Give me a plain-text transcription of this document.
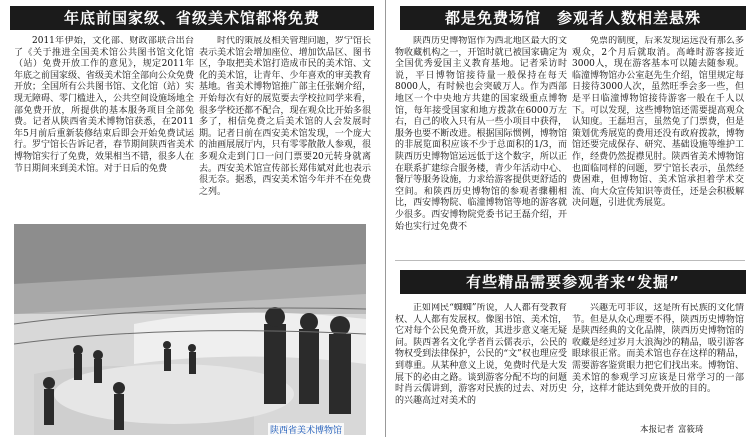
年底前国家级、省级美术馆都将免费

2011年伊始，文化部、财政部联合出台了《关于推进全国美术馆公共图书馆文化馆（站）免费开放工作的意见》，规定2011年年底之前国家级、省级美术馆全部向公众免费开放；全国所有公共图书馆、文化馆（站）实现无障碍、零门槛进入，公共空间设施场地全部免费开放，所提供的基本服务项目全部免费。记者从陕西省美术博物馆获悉，在2011年5月前后重新装修结束后即会开始免费试运行。罗宁馆长告诉记者，春节期间陕西省美术博物馆实行了免费，效果相当不错，很多人在节日期间来到美术馆。对于日后的免费

时代的策展及相关管理问题，罗宁馆长表示美术馆会增加座位、增加饮品区、图书区，争取把美术馆打造成市民的美术馆、文化的美术馆，让青年、少年喜欢的审美教育基地。省美术博物馆推广部主任张娴介绍，开始每次有好的展览要去学校拉同学来看，很多学校还都不配合，现在观众比开始多很多了，相信免费之后美术馆的人会发展时期。记者日前在西安美术馆发现，一个庞大的油画展展厅内，只有零零散散人参观，很多观众走到门口一问门票要20元转身就离去。西安美术馆宣传部长郑伟斌对此也表示很无奈。据悉，西安美术馆今年并不在免费之列。

陕西省美术博物馆
都是免费场馆　参观者人数相差悬殊

陕西历史博物馆作为西北地区最大的文物收藏机构之一，开馆时就已被国家确定为全国优秀爱国主义教育基地。记者采访时说，平日博物馆接待量一般保持在每天8000人，有时候也会突破万人。作为西部地区一个中央地方共建的国家级重点博物馆，每年接受国家和地方拨款在6000万左右，自己的收入只有从一些小项目中获得，服务也要不断改进。根据国际惯例，博物馆的非展览面积应该不少于总面积的1/3，而陕西历史博物馆运远低于这个数字，所以正在联系扩建综合服务楼，青少年活动中心、餐厅等服务设施，力求给游客提供更舒适的空间。和陕西历史博物馆的参观者骤棚相比，西安博物院、临潼博物馆等地的游客就少很多。西安博物院党委书记王磊介绍，开始也实行过免费不

免票的制度，后来发现运远没有那么多观众，2个月后就取消。高峰时游客接近3000人，现在游客基本可以随去随参观。临潼博物馆办公室赵先生介绍，馆里规定每日接待3000人次，虽然旺季会多一些，但是平日临潼博物馆接待游客一般在千人以下。可以发现，这些博物馆还需要提高观众认知度。王磊坦言，虽然免了门票费，但是策划优秀展览的费用还没有政府拨款，博物馆还要完成保存、研究、基础设施等维护工作，经费仍然捉襟见肘。陕西省美术博物馆也面临同样的问题，罗宁馆长表示，虽然经费困难，但博物馆、美术馆承担着学术交流、向大众宣传知识等责任，还是会积极解决问题，引进优秀展览。

有些精品需要参观者来“发掘”

正如网民“蜘蜘”所说，人人都有受教育权、人人都有发展权。像图书馆、美术馆，它对每个公民免费开放，其进步意义毫无疑问。陕西著名文化学者肖云儒表示，公民的物权受到法律保护，公民的“文”权也理应受到尊重。从某种意义上说，免费时代是大发展下的必由之路。谈到游客分配不均的问题时肖云儒讲到，游客对民族的过去、对历史的兴趣高过对美术的

兴趣无可非议，这是所有民族的文化情节。但是从众心理要不得，陕西历史博物馆是陕西经典的文化品牌，陕西历史博物馆的收藏是经过岁月大浪淘沙的精品，吸引游客眼球很正常。而美术馆也存在这样的精品，需要游客鉴赏眼力把它们找出来。博物馆、美术馆的参观学习应该是日常学习的一部分，这样才能达到免费开放的目的。

本报记者 富筱琦
